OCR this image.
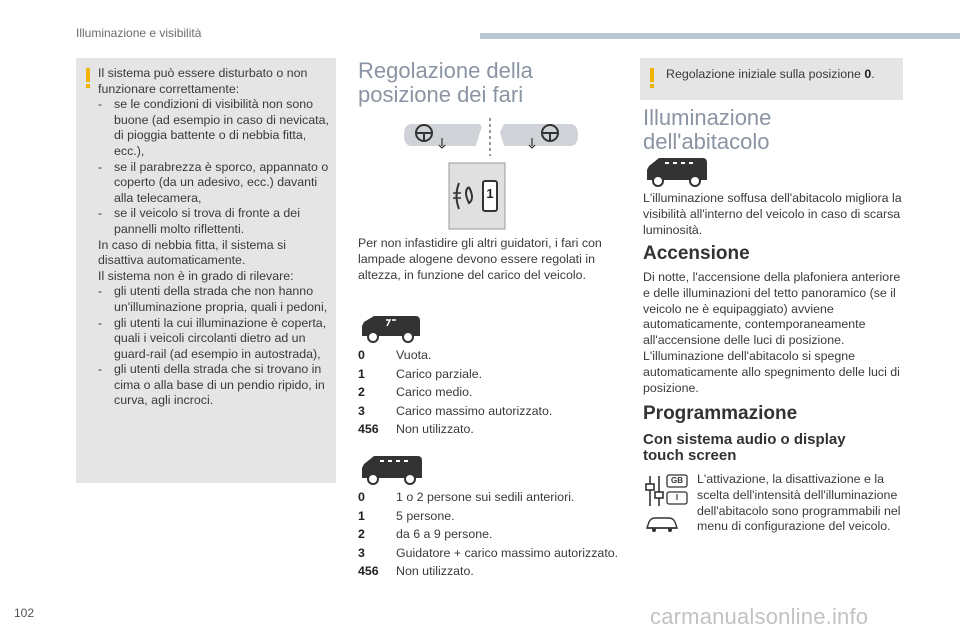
Illuminazione e visibilità

Il sistema può essere disturbato o non funzionare correttamente:

- se le condizioni di visibilità non sono buone (ad esempio in caso di nevicata, di pioggia battente o di nebbia fitta, ecc.),

- se il parabrezza è sporco, appannato o coperto (da un adesivo, ecc.) davanti alla telecamera,

- se il veicolo si trova di fronte a dei pannelli molto riflettenti.

In caso di nebbia fitta, il sistema si disattiva automaticamente.

Il sistema non è in grado di rilevare:

- gli utenti della strada che non hanno un'illuminazione propria, quali i pedoni,

- gli utenti la cui illuminazione è coperta, quali i veicoli circolanti dietro ad un guard-rail (ad esempio in autostrada),

- gli utenti della strada che si trovano in cima o alla base di un pendio ripido, in curva, agli incroci.

Regolazione della
posizione dei fari
1

Per non infastidire gli altri guidatori, i fari con lampade alogene devono essere regolati in altezza, in funzione del carico del veicolo.

0	Vuota.
1	Carico parziale.
2	Carico medio.
3	Carico massimo autorizzato.
456	Non utilizzato.
0	1 o 2 persone sui sedili anteriori.
1	5 persone.
2	da 6 a 9 persone.
3	Guidatore + carico massimo autorizzato.
456	Non utilizzato.
Regolazione iniziale sulla posizione 0.
Illuminazione
dell'abitacolo

L'illuminazione soffusa dell'abitacolo migliora la visibilità all'interno del veicolo in caso di scarsa luminosità.

Accensione

Di notte, l'accensione della plafoniera anteriore e delle illuminazioni del tetto panoramico (se il veicolo ne è equipaggiato) avviene automaticamente, contemporaneamente all'accensione delle luci di posizione. L'illuminazione dell'abitacolo si spegne automaticamente allo spegnimento delle luci di posizione.

Programmazione
Con sistema audio o display
touch screen
GB
I

L'attivazione, la disattivazione e la scelta dell'intensità dell'illuminazione dell'abitacolo sono programmabili nel menu di configurazione del veicolo.

102	carmanualsonline.info
